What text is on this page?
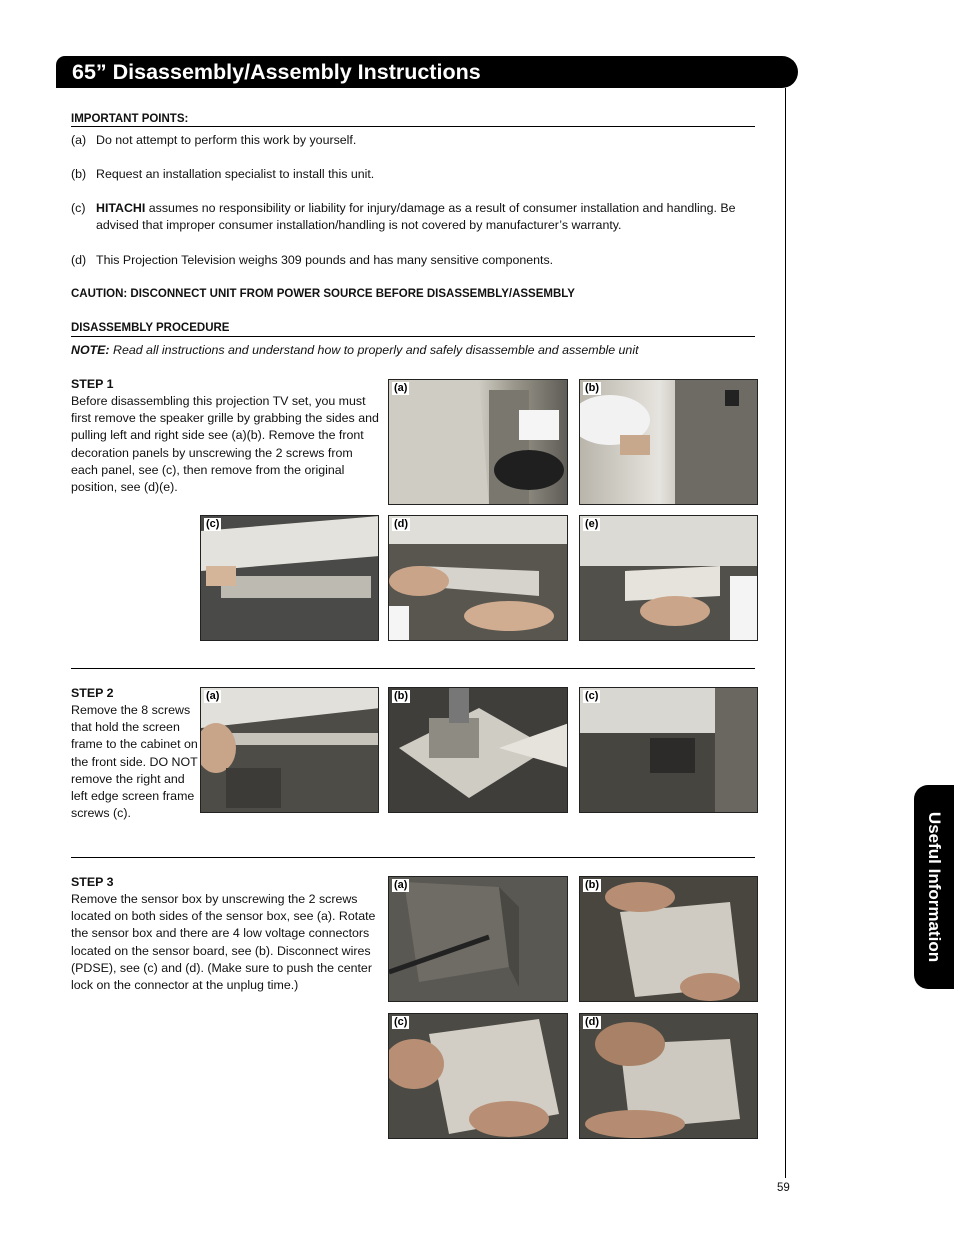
65” Disassembly/Assembly Instructions
Useful Information
IMPORTANT POINTS:
(a) Do not attempt to perform this work by yourself.
(b) Request an installation specialist to install this unit.
(c) HITACHI assumes no responsibility or liability for injury/damage as a result of consumer installation and handling. Be advised that improper consumer installation/handling is not covered by manufacturer’s warranty.
(d) This Projection Television weighs 309 pounds and has many sensitive components.
CAUTION: DISCONNECT UNIT FROM POWER SOURCE BEFORE DISASSEMBLY/ASSEMBLY
DISASSEMBLY PROCEDURE
NOTE: Read all instructions and understand how to properly and safely disassemble and assemble unit
STEP 1
Before disassembling this projection TV set, you must first remove the speaker grille by grabbing the sides and pulling left and right side see (a)(b). Remove the front decoration panels by unscrewing the 2 screws from each panel, see (c), then remove from the original position, see (d)(e).
(a)	(b)
(c)	(d)	(e)
STEP 2
Remove the 8 screws that hold the screen frame to the cabinet on the front side. DO NOT remove the right and left edge screen frame screws (c).
(a)	(b)	(c)
STEP 3
Remove the sensor box by unscrewing the 2 screws located on both sides of the sensor box, see (a). Rotate the sensor box and there are 4 low voltage connectors located on the sensor board, see (b). Disconnect wires (PDSE), see (c) and (d). (Make sure to push the center lock on the connector at the unplug time.)
(a)	(b)
(c)	(d)
59
